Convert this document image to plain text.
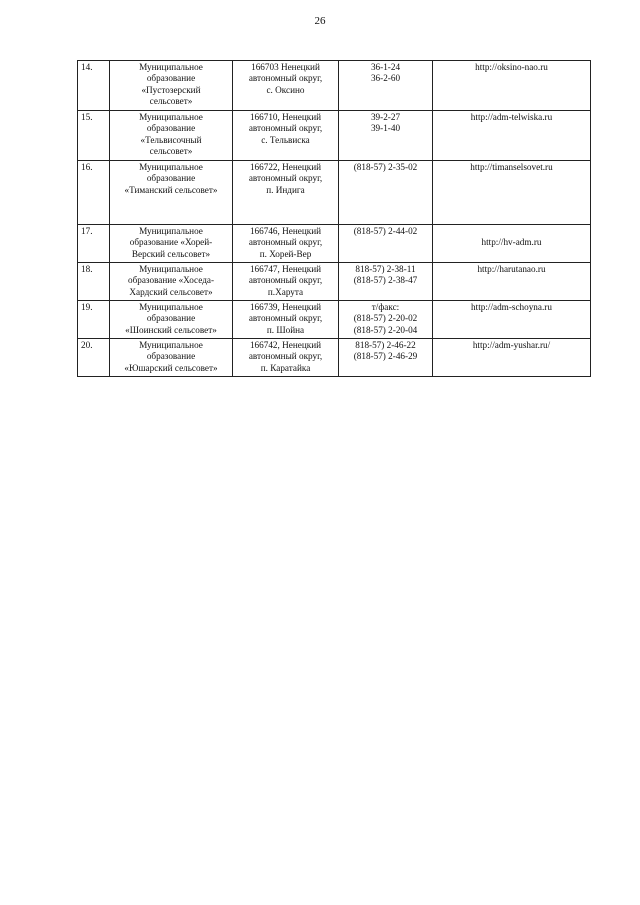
26
14.	Муниципальное
образование
«Пустозерский
сельсовет»	166703 Ненецкий
автономный округ,
с. Оксино	36-1-24
36-2-60	http://oksino-nao.ru

15.	Муниципальное
образование
«Тельвисочный
сельсовет»	166710, Ненецкий
автономный округ,
с. Тельвиска	39-2-27
39-1-40	http://adm-telwiska.ru

16.	Муниципальное
образование
«Тиманский сельсовет»	166722, Ненецкий
автономный округ,
п. Индига	(818-57) 2-35-02	http://timanselsovet.ru

17.	Муниципальное
образование «Хорей-
Верский сельсовет»	166746, Ненецкий
автономный округ,
п. Хорей-Вер	(818-57) 2-44-02	http://hv-adm.ru

18.	Муниципальное
образование «Хоседа-
Хардский сельсовет»	166747, Ненецкий
автономный округ,
п.Харута	818-57) 2-38-11
(818-57) 2-38-47	http://harutanao.ru

19.	Муниципальное
образование
«Шоинский сельсовет»	166739, Ненецкий
автономный округ,
п. Шойна	т/факс:
(818-57) 2-20-02
(818-57) 2-20-04	http://adm-schoyna.ru

20.	Муниципальное
образование
«Юшарский сельсовет»	166742, Ненецкий
автономный округ,
п. Каратайка	818-57) 2-46-22
(818-57) 2-46-29	http://adm-yushar.ru/
